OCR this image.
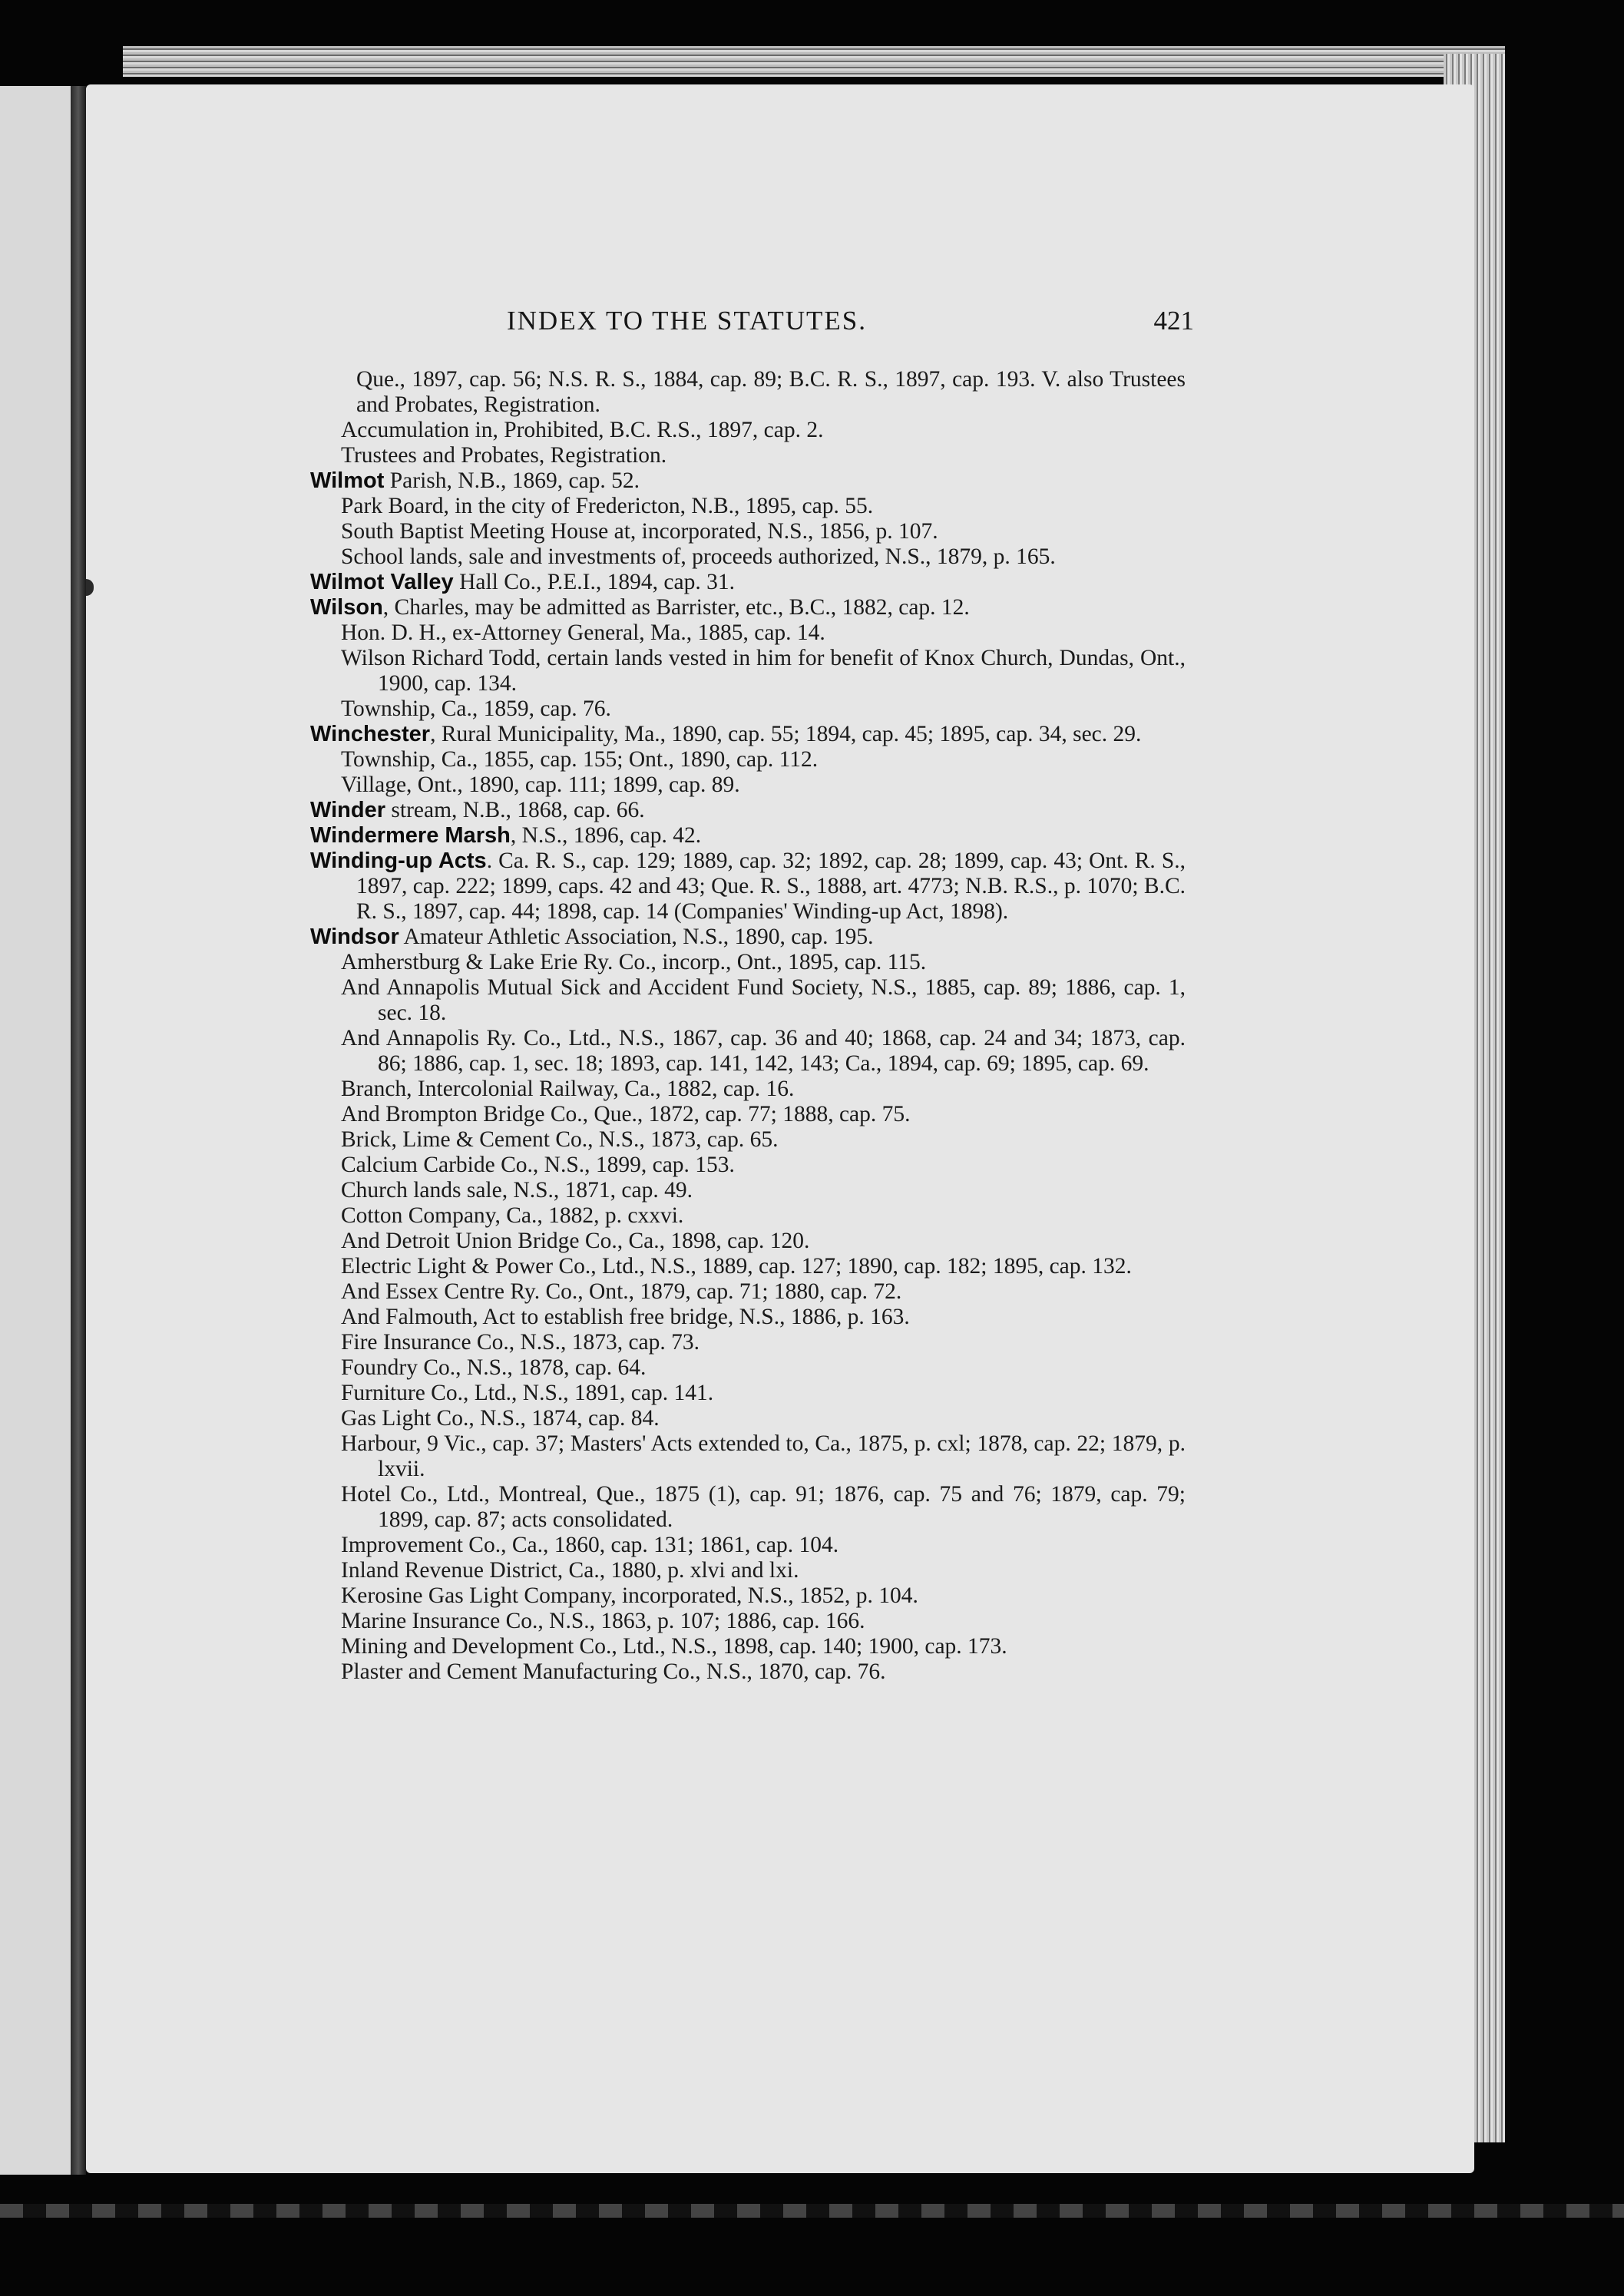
INDEX TO THE STATUTES.	421

Que., 1897, cap. 56; N.S. R. S., 1884, cap. 89; B.C. R. S., 1897, cap. 193. V. also Trustees and Probates, Registration.

Accumulation in, Prohibited, B.C. R.S., 1897, cap. 2.

Trustees and Probates, Registration.

Wilmot Parish, N.B., 1869, cap. 52.

Park Board, in the city of Fredericton, N.B., 1895, cap. 55.

South Baptist Meeting House at, incorporated, N.S., 1856, p. 107.

School lands, sale and investments of, proceeds authorized, N.S., 1879, p. 165.

Wilmot Valley Hall Co., P.E.I., 1894, cap. 31.

Wilson, Charles, may be admitted as Barrister, etc., B.C., 1882, cap. 12.

Hon. D. H., ex-Attorney General, Ma., 1885, cap. 14.

Wilson Richard Todd, certain lands vested in him for benefit of Knox Church, Dundas, Ont., 1900, cap. 134.

Township, Ca., 1859, cap. 76.

Winchester, Rural Municipality, Ma., 1890, cap. 55; 1894, cap. 45; 1895, cap. 34, sec. 29.

Township, Ca., 1855, cap. 155; Ont., 1890, cap. 112.

Village, Ont., 1890, cap. 111; 1899, cap. 89.

Winder stream, N.B., 1868, cap. 66.

Windermere Marsh, N.S., 1896, cap. 42.

Winding-up Acts. Ca. R. S., cap. 129; 1889, cap. 32; 1892, cap. 28; 1899, cap. 43; Ont. R. S., 1897, cap. 222; 1899, caps. 42 and 43; Que. R. S., 1888, art. 4773; N.B. R.S., p. 1070; B.C. R. S., 1897, cap. 44; 1898, cap. 14 (Companies' Winding-up Act, 1898).

Windsor Amateur Athletic Association, N.S., 1890, cap. 195.

Amherstburg & Lake Erie Ry. Co., incorp., Ont., 1895, cap. 115.

And Annapolis Mutual Sick and Accident Fund Society, N.S., 1885, cap. 89; 1886, cap. 1, sec. 18.

And Annapolis Ry. Co., Ltd., N.S., 1867, cap. 36 and 40; 1868, cap. 24 and 34; 1873, cap. 86; 1886, cap. 1, sec. 18; 1893, cap. 141, 142, 143; Ca., 1894, cap. 69; 1895, cap. 69.

Branch, Intercolonial Railway, Ca., 1882, cap. 16.

And Brompton Bridge Co., Que., 1872, cap. 77; 1888, cap. 75.

Brick, Lime & Cement Co., N.S., 1873, cap. 65.

Calcium Carbide Co., N.S., 1899, cap. 153.

Church lands sale, N.S., 1871, cap. 49.

Cotton Company, Ca., 1882, p. cxxvi.

And Detroit Union Bridge Co., Ca., 1898, cap. 120.

Electric Light & Power Co., Ltd., N.S., 1889, cap. 127; 1890, cap. 182; 1895, cap. 132.

And Essex Centre Ry. Co., Ont., 1879, cap. 71; 1880, cap. 72.

And Falmouth, Act to establish free bridge, N.S., 1886, p. 163.

Fire Insurance Co., N.S., 1873, cap. 73.

Foundry Co., N.S., 1878, cap. 64.

Furniture Co., Ltd., N.S., 1891, cap. 141.

Gas Light Co., N.S., 1874, cap. 84.

Harbour, 9 Vic., cap. 37; Masters' Acts extended to, Ca., 1875, p. cxl; 1878, cap. 22; 1879, p. lxvii.

Hotel Co., Ltd., Montreal, Que., 1875 (1), cap. 91; 1876, cap. 75 and 76; 1879, cap. 79; 1899, cap. 87; acts consolidated.

Improvement Co., Ca., 1860, cap. 131; 1861, cap. 104.

Inland Revenue District, Ca., 1880, p. xlvi and lxi.

Kerosine Gas Light Company, incorporated, N.S., 1852, p. 104.

Marine Insurance Co., N.S., 1863, p. 107; 1886, cap. 166.

Mining and Development Co., Ltd., N.S., 1898, cap. 140; 1900, cap. 173.

Plaster and Cement Manufacturing Co., N.S., 1870, cap. 76.
